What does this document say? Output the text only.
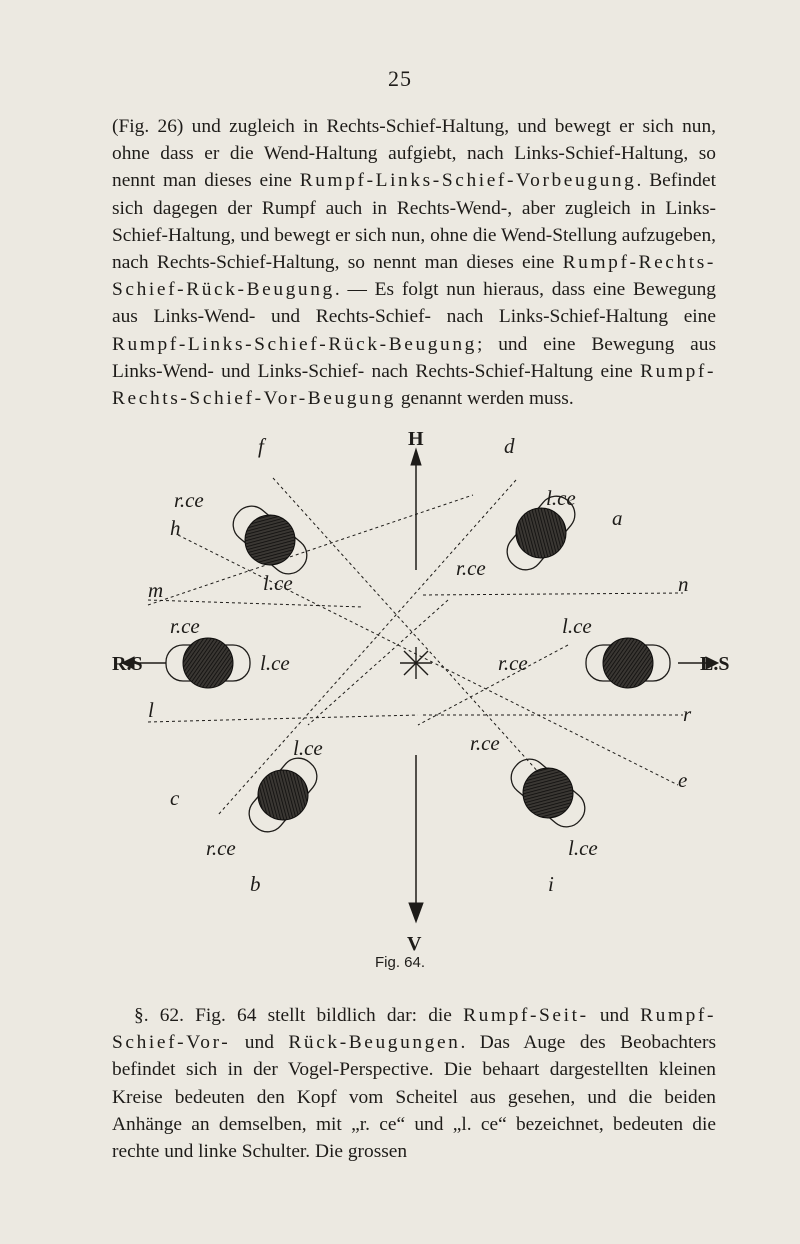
25

(Fig. 26) und zugleich in Rechts-Schief-Haltung, und bewegt er sich nun, ohne dass er die Wend-Haltung aufgiebt, nach Links-Schief-Haltung, so nennt man dieses eine Rumpf-Links-Schief-Vorbeugung. Befindet sich dagegen der Rumpf auch in Rechts-Wend-, aber zugleich in Links-Schief-Haltung, und bewegt er sich nun, ohne die Wend-Stellung aufzugeben, nach Rechts-Schief-Haltung, so nennt man dieses eine Rumpf-Rechts-Schief-Rück-Beugung. — Es folgt nun hieraus, dass eine Bewegung aus Links-Wend- und Rechts-Schief- nach Links-Schief-Haltung eine Rumpf-Links-Schief-Rück-Beugung; und eine Bewegung aus Links-Wend- und Links-Schief- nach Rechts-Schief-Haltung eine Rumpf-Rechts-Schief-Vor-Beugung genannt werden muss.

H
V
R.S	L.S
f	d
h	a
m	n
l	r
c
e
b	i
r.ce
l.ce
l.ce
r.ce
r.ce
l.ce
l.ce
r.ce
l.ce
r.ce
r.ce
l.ce
Fig. 64.

§. 62. Fig. 64 stellt bildlich dar: die Rumpf-Seit- und Rumpf-Schief-Vor- und Rück-Beugungen. Das Auge des Beobachters befindet sich in der Vogel-Perspective. Die behaart dargestellten kleinen Kreise bedeuten den Kopf vom Scheitel aus gesehen, und die beiden Anhänge an demselben, mit „r. ce“ und „l. ce“ bezeichnet, bedeuten die rechte und linke Schulter. Die grossen
